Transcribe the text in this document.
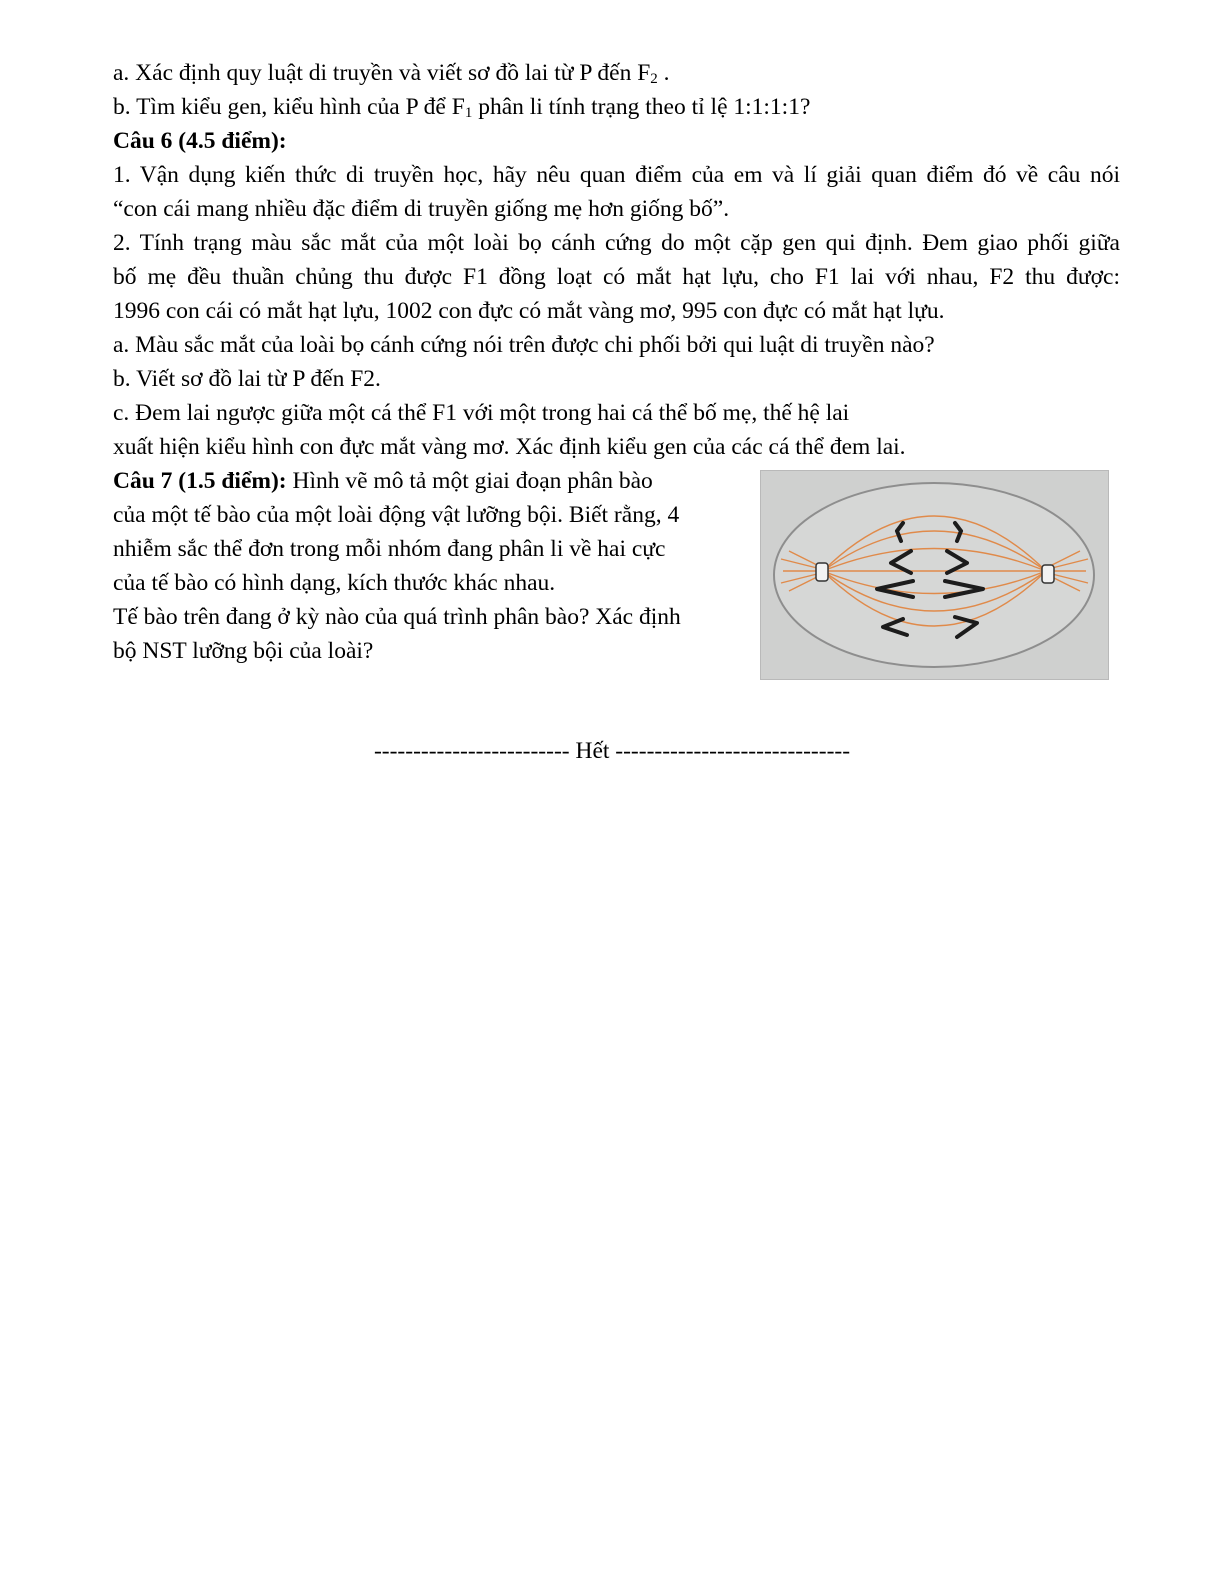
a. Xác định quy luật di truyền và viết sơ đồ lai từ P đến $F_2$ .
b. Tìm kiểu gen, kiểu hình của P để $F_1$ phân li tính trạng theo tỉ lệ 1:1:1:1?
Câu 6 (4.5 điểm):
1. Vận dụng kiến thức di truyền học, hãy nêu quan điểm của em và lí giải quan điểm đó về câu nói
“con cái mang nhiều đặc điểm di truyền giống mẹ hơn giống bố”.
2. Tính trạng màu sắc mắt của một loài bọ cánh cứng do một cặp gen qui định. Đem giao phối giữa
bố mẹ đều thuần chủng thu được F1 đồng loạt có mắt hạt lựu, cho F1 lai với nhau, F2 thu được:
1996 con cái có mắt hạt lựu, 1002 con đực có mắt vàng mơ, 995 con đực có mắt hạt lựu.
a. Màu sắc mắt của loài bọ cánh cứng nói trên được chi phối bởi qui luật di truyền nào?
b. Viết sơ đồ lai từ P đến F2.
c. Đem lai ngược giữa một cá thể F1 với một trong hai cá thể bố mẹ, thế hệ lai
xuất hiện kiểu hình con đực mắt vàng mơ. Xác định kiểu gen của các cá thể đem lai.
Câu 7 (1.5 điểm): Hình vẽ mô tả một giai đoạn phân bào
của một tế bào của một loài động vật lưỡng bội. Biết rằng, 4
nhiễm sắc thể đơn trong mỗi nhóm đang phân li về hai cực
của tế bào có hình dạng, kích thước khác nhau.
Tế bào trên đang ở kỳ nào của quá trình phân bào? Xác định
bộ NST lưỡng bội của loài?
------------------------- Hết ------------------------------
